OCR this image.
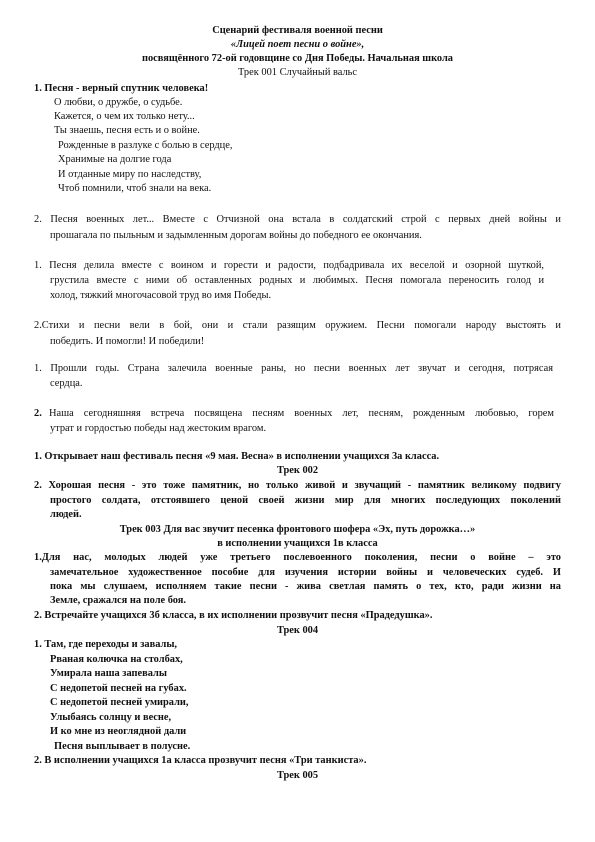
Сценарий фестиваля военной песни
«Лицей поет песни о войне»,
посвящённого 72-ой годовщине со Дня Победы. Начальная школа
Трек 001 Случайный вальс
1. Песня - верный спутник человека!
О любви, о дружбе, о судьбе.
Кажется, о чем их только нету...
Ты знаешь, песня есть и о войне.
Рожденные в разлуке с болью в сердце,
Хранимые на долгие года
И отданные миру по наследству,
Чтоб помнили, чтоб знали на века.
2. Песня военных лет... Вместе с Отчизной она встала в солдатский строй с первых дней войны и
прошагала по пыльным и задымленным дорогам войны до победного ее окончания.
1. Песня делила вместе с воином и горести и радости, подбадривала их веселой и озорной шуткой,
грустила вместе с ними об оставленных родных и любимых. Песня помогала переносить голод и
холод, тяжкий многочасовой труд во имя Победы.
2.Стихи и песни вели в бой, они и стали разящим оружием. Песни помогали народу выстоять и
победить. И помогли! И победили!
1. Прошли годы. Страна залечила военные раны, но песни военных лет звучат и сегодня, потрясая
сердца.
2. Наша сегодняшняя встреча посвящена песням военных лет, песням, рожденным любовью, горем
утрат и гордостью победы над жестоким врагом.
1. Открывает наш фестиваль песня «9 мая. Весна» в исполнении учащихся 3а класса.
Трек 002
2. Хорошая песня - это тоже памятник, но только живой и звучащий - памятник великому подвигу
простого солдата, отстоявшего ценой своей жизни мир для многих последующих поколений
людей.
Трек 003 Для вас звучит песенка фронтового шофера «Эх, путь дорожка…»
в исполнении учащихся 1в класса
1.Для нас, молодых людей уже третьего послевоенного поколения, песни о войне – это
замечательное художественное пособие для изучения истории войны и человеческих судеб. И
пока мы слушаем, исполняем такие песни - жива светлая память о тех, кто, ради жизни на
Земле, сражался на поле боя.
2. Встречайте учащихся 3б класса, в их исполнении прозвучит песня «Прадедушка».
Трек 004
1. Там, где переходы и завалы,
Рваная колючка на столбах,
Умирала наша запевалы
С недопетой песней на губах.
С недопетой песней умирали,
Улыбаясь солнцу и весне,
И ко мне из неоглядной дали
Песня выплывает в полусне.
2. В исполнении учащихся 1а класса прозвучит песня «Три танкиста».
Трек 005
